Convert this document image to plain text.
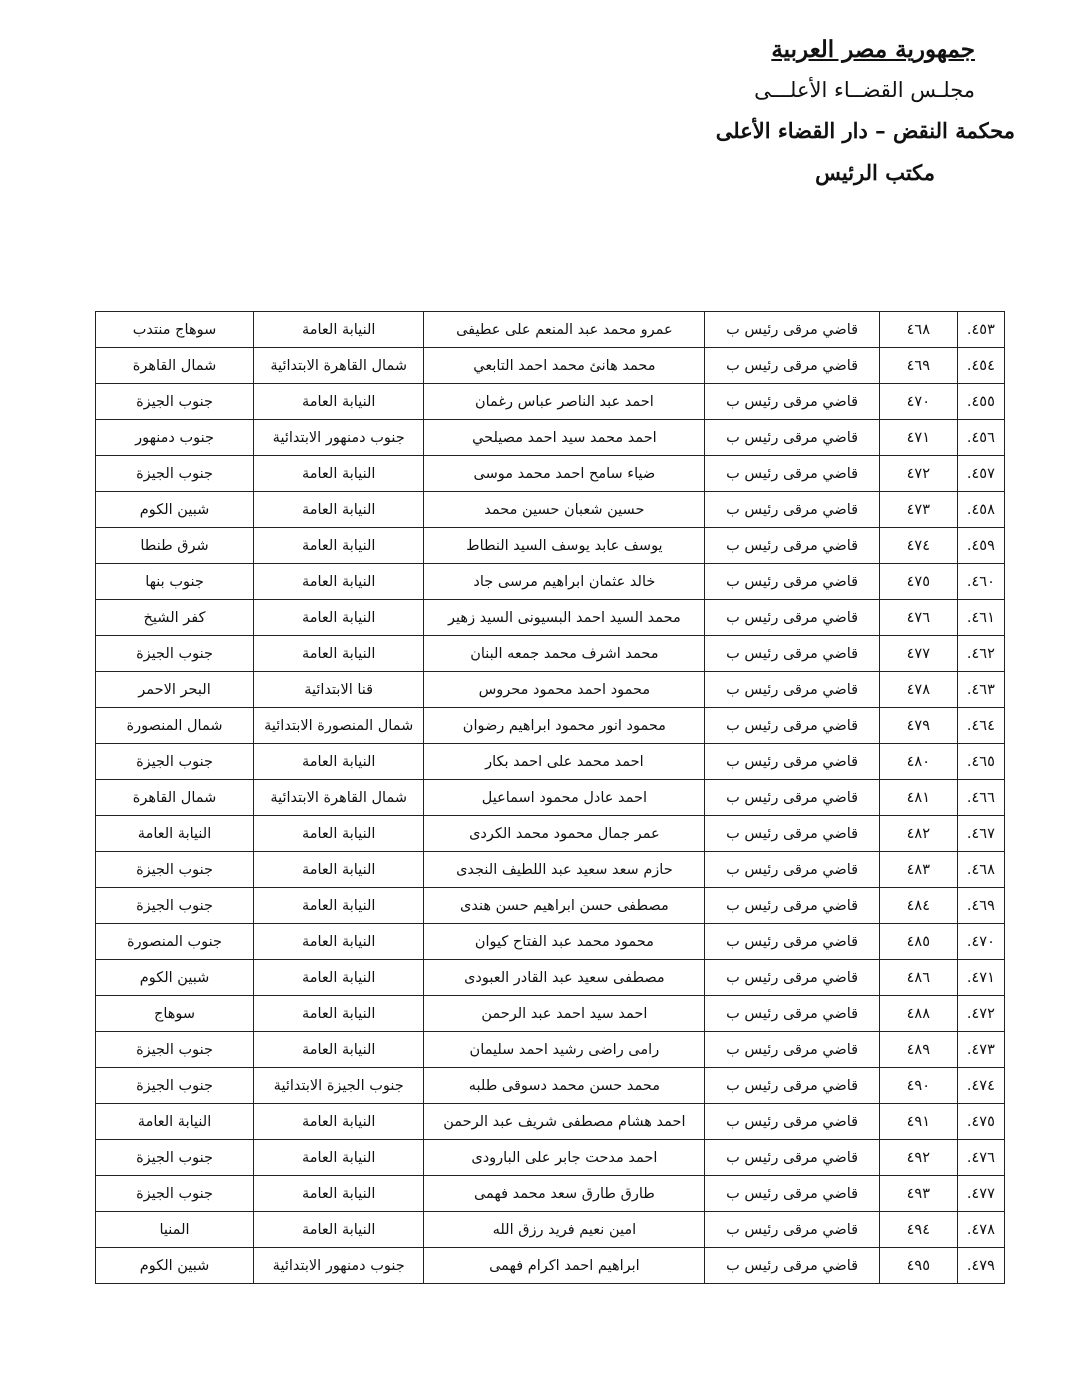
جمهورية مصر العربية
مجلـس القضــاء الأعلـــى
محكمة النقض – دار القضاء الأعلى
مكتب الرئيس
٤٥٣.	٤٦٨	قاضي مرقى رئيس ب	عمرو محمد عبد المنعم على عطيفى	النيابة العامة	سوهاج منتدب
٤٥٤.	٤٦٩	قاضي مرقى رئيس ب	محمد هانئ محمد احمد التابعي	شمال القاهرة الابتدائية	شمال القاهرة
٤٥٥.	٤٧٠	قاضي مرقى رئيس ب	احمد عبد الناصر عباس رغمان	النيابة العامة	جنوب الجيزة
٤٥٦.	٤٧١	قاضي مرقى رئيس ب	احمد محمد سيد احمد مصيلحي	جنوب دمنهور الابتدائية	جنوب دمنهور
٤٥٧.	٤٧٢	قاضي مرقى رئيس ب	ضياء سامح احمد محمد موسى	النيابة العامة	جنوب الجيزة
٤٥٨.	٤٧٣	قاضي مرقى رئيس ب	حسين شعبان حسين محمد	النيابة العامة	شبين الكوم
٤٥٩.	٤٧٤	قاضي مرقى رئيس ب	يوسف عابد يوسف السيد النطاط	النيابة العامة	شرق طنطا
٤٦٠.	٤٧٥	قاضي مرقى رئيس ب	خالد عثمان ابراهيم مرسى جاد	النيابة العامة	جنوب بنها
٤٦١.	٤٧٦	قاضي مرقى رئيس ب	محمد السيد احمد البسيونى السيد زهير	النيابة العامة	كفر الشيخ
٤٦٢.	٤٧٧	قاضي مرقى رئيس ب	محمد اشرف محمد جمعه البنان	النيابة العامة	جنوب الجيزة
٤٦٣.	٤٧٨	قاضي مرقى رئيس ب	محمود احمد محمود محروس	قنا الابتدائية	البحر الاحمر
٤٦٤.	٤٧٩	قاضي مرقى رئيس ب	محمود انور محمود ابراهيم رضوان	شمال المنصورة الابتدائية	شمال المنصورة
٤٦٥.	٤٨٠	قاضي مرقى رئيس ب	احمد محمد على احمد بكار	النيابة العامة	جنوب الجيزة
٤٦٦.	٤٨١	قاضي مرقى رئيس ب	احمد عادل محمود اسماعيل	شمال القاهرة الابتدائية	شمال القاهرة
٤٦٧.	٤٨٢	قاضي مرقى رئيس ب	عمر جمال محمود محمد الكردى	النيابة العامة	النيابة العامة
٤٦٨.	٤٨٣	قاضي مرقى رئيس ب	حازم سعد سعيد عبد اللطيف النجدى	النيابة العامة	جنوب الجيزة
٤٦٩.	٤٨٤	قاضي مرقى رئيس ب	مصطفى حسن ابراهيم حسن هندى	النيابة العامة	جنوب الجيزة
٤٧٠.	٤٨٥	قاضي مرقى رئيس ب	محمود محمد عبد الفتاح كيوان	النيابة العامة	جنوب المنصورة
٤٧١.	٤٨٦	قاضي مرقى رئيس ب	مصطفى سعيد عبد القادر العبودى	النيابة العامة	شبين الكوم
٤٧٢.	٤٨٨	قاضي مرقى رئيس ب	احمد سيد احمد عبد الرحمن	النيابة العامة	سوهاج
٤٧٣.	٤٨٩	قاضي مرقى رئيس ب	رامى راضى رشيد احمد سليمان	النيابة العامة	جنوب الجيزة
٤٧٤.	٤٩٠	قاضي مرقى رئيس ب	محمد حسن محمد دسوقى طلبه	جنوب الجيزة الابتدائية	جنوب الجيزة
٤٧٥.	٤٩١	قاضي مرقى رئيس ب	احمد هشام مصطفى شريف عبد الرحمن	النيابة العامة	النيابة العامة
٤٧٦.	٤٩٢	قاضي مرقى رئيس ب	احمد مدحت جابر على البارودى	النيابة العامة	جنوب الجيزة
٤٧٧.	٤٩٣	قاضي مرقى رئيس ب	طارق طارق سعد محمد فهمى	النيابة العامة	جنوب الجيزة
٤٧٨.	٤٩٤	قاضي مرقى رئيس ب	امين نعيم فريد رزق الله	النيابة العامة	المنيا
٤٧٩.	٤٩٥	قاضي مرقى رئيس ب	ابراهيم احمد اكرام فهمى	جنوب دمنهور الابتدائية	شبين الكوم
